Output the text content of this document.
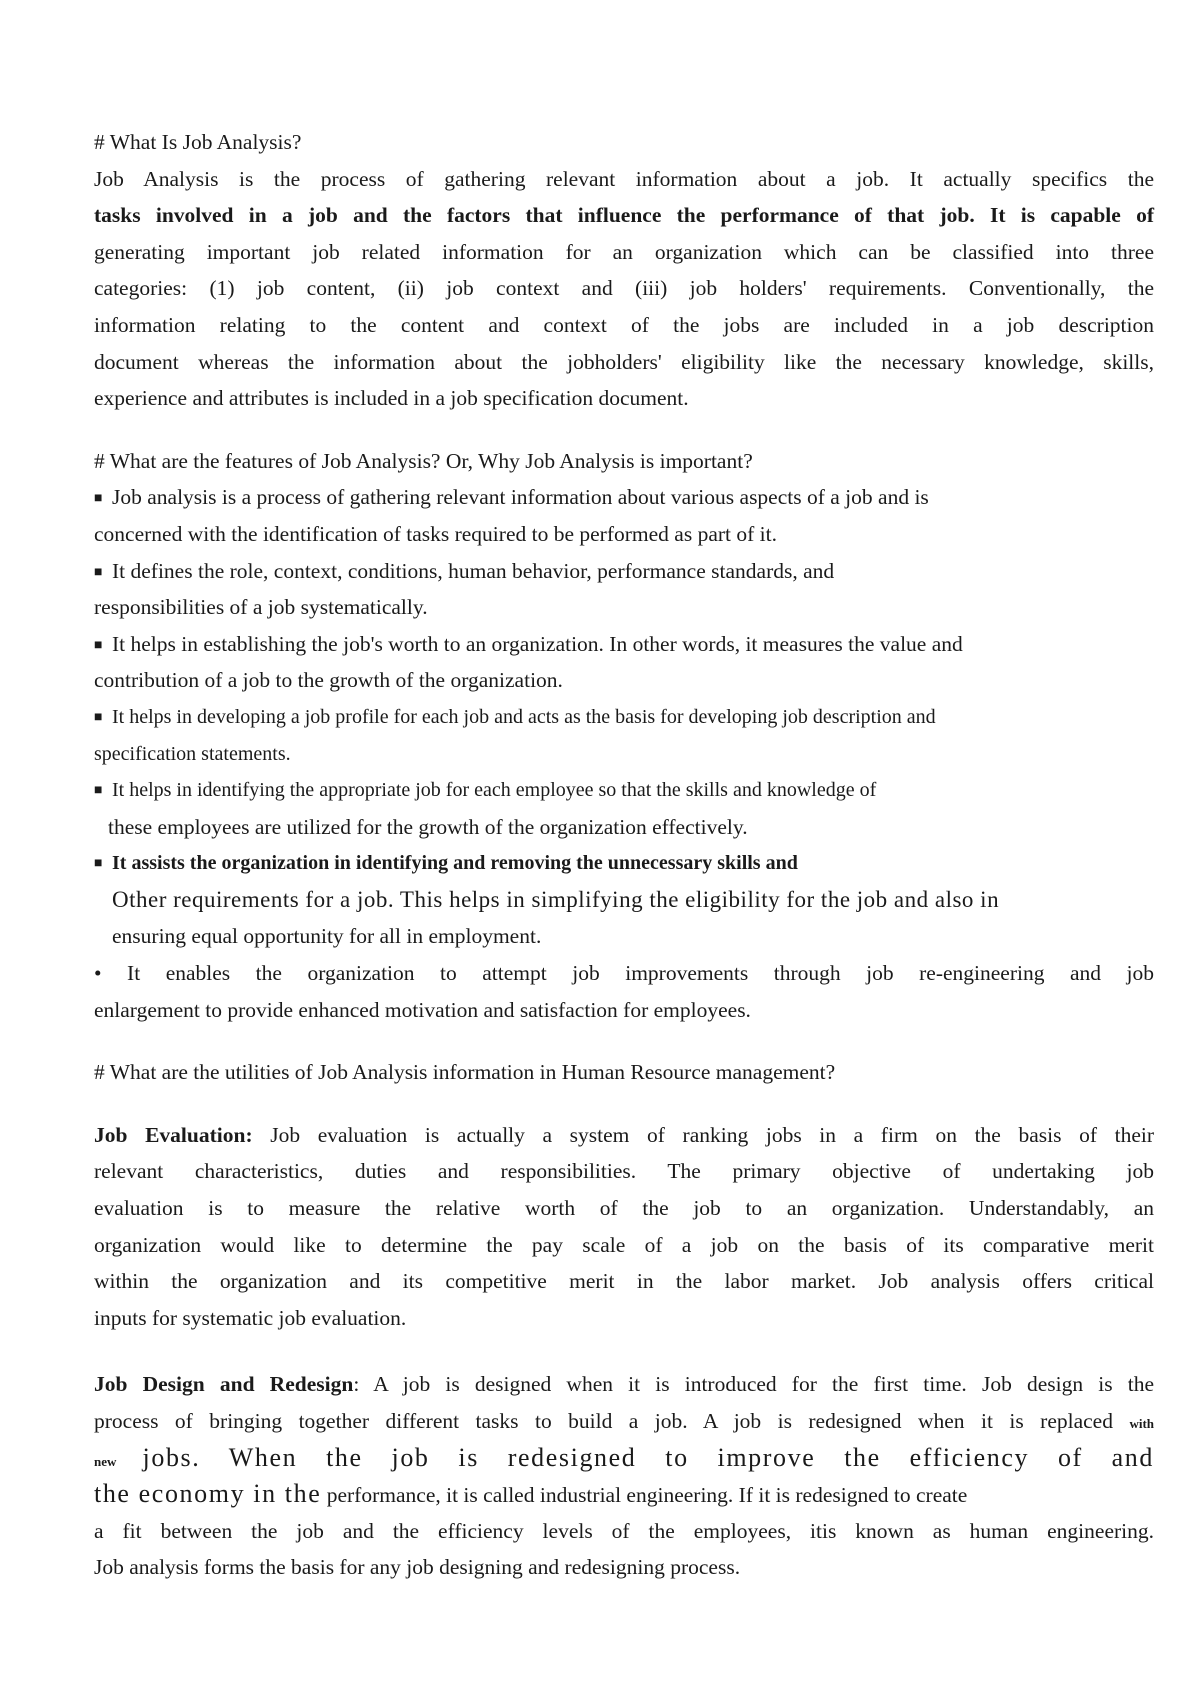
# What Is Job Analysis?
Job Analysis is the process of gathering relevant information about a job. It actually specifics the
tasks involved in a job and the factors that influence the performance of that job. It is capable of
generating important job related information for an organization which can be classified into three
categories: (1) job content, (ii) job context and (iii) job holders' requirements. Conventionally, the
information relating to the content and context of the jobs are included in a job description
document whereas the information about the jobholders' eligibility like the necessary knowledge, skills,
experience and attributes is included in a job specification document.
# What are the features of Job Analysis? Or, Why Job Analysis is important?
■ Job analysis is a process of gathering relevant information about various aspects of a job and is
concerned with the identification of tasks required to be performed as part of it.
■ It defines the role, context, conditions, human behavior, performance standards, and
responsibilities of a job systematically.
■ It helps in establishing the job's worth to an organization. In other words, it measures the value and
contribution of a job to the growth of the organization.
■ It helps in developing a job profile for each job and acts as the basis for developing job description and
specification statements.
■ It helps in identifying the appropriate job for each employee so that the skills and knowledge of
these employees are utilized for the growth of the organization effectively.
■ It assists the organization in identifying and removing the unnecessary skills and
Other requirements for a job. This helps in simplifying the eligibility for the job and also in
ensuring equal opportunity for all in employment.
• It enables the organization to attempt job improvements through job re-engineering and job
enlargement to provide enhanced motivation and satisfaction for employees.
# What are the utilities of Job Analysis information in Human Resource management?
Job Evaluation: Job evaluation is actually a system of ranking jobs in a firm on the basis of their
relevant characteristics, duties and responsibilities. The primary objective of undertaking job
evaluation is to measure the relative worth of the job to an organization. Understandably, an
organization would like to determine the pay scale of a job on the basis of its comparative merit
within the organization and its competitive merit in the labor market. Job analysis offers critical
inputs for systematic job evaluation.
Job Design and Redesign: A job is designed when it is introduced for the first time. Job design is the
process of bringing together different tasks to build a job. A job is redesigned when it is replaced with
new jobs. When the job is redesigned to improve the efficiency of and
the economy in the performance, it is called industrial engineering. If it is redesigned to create
a fit between the job and the efficiency levels of the employees, itis known as human engineering.
Job analysis forms the basis for any job designing and redesigning process.
